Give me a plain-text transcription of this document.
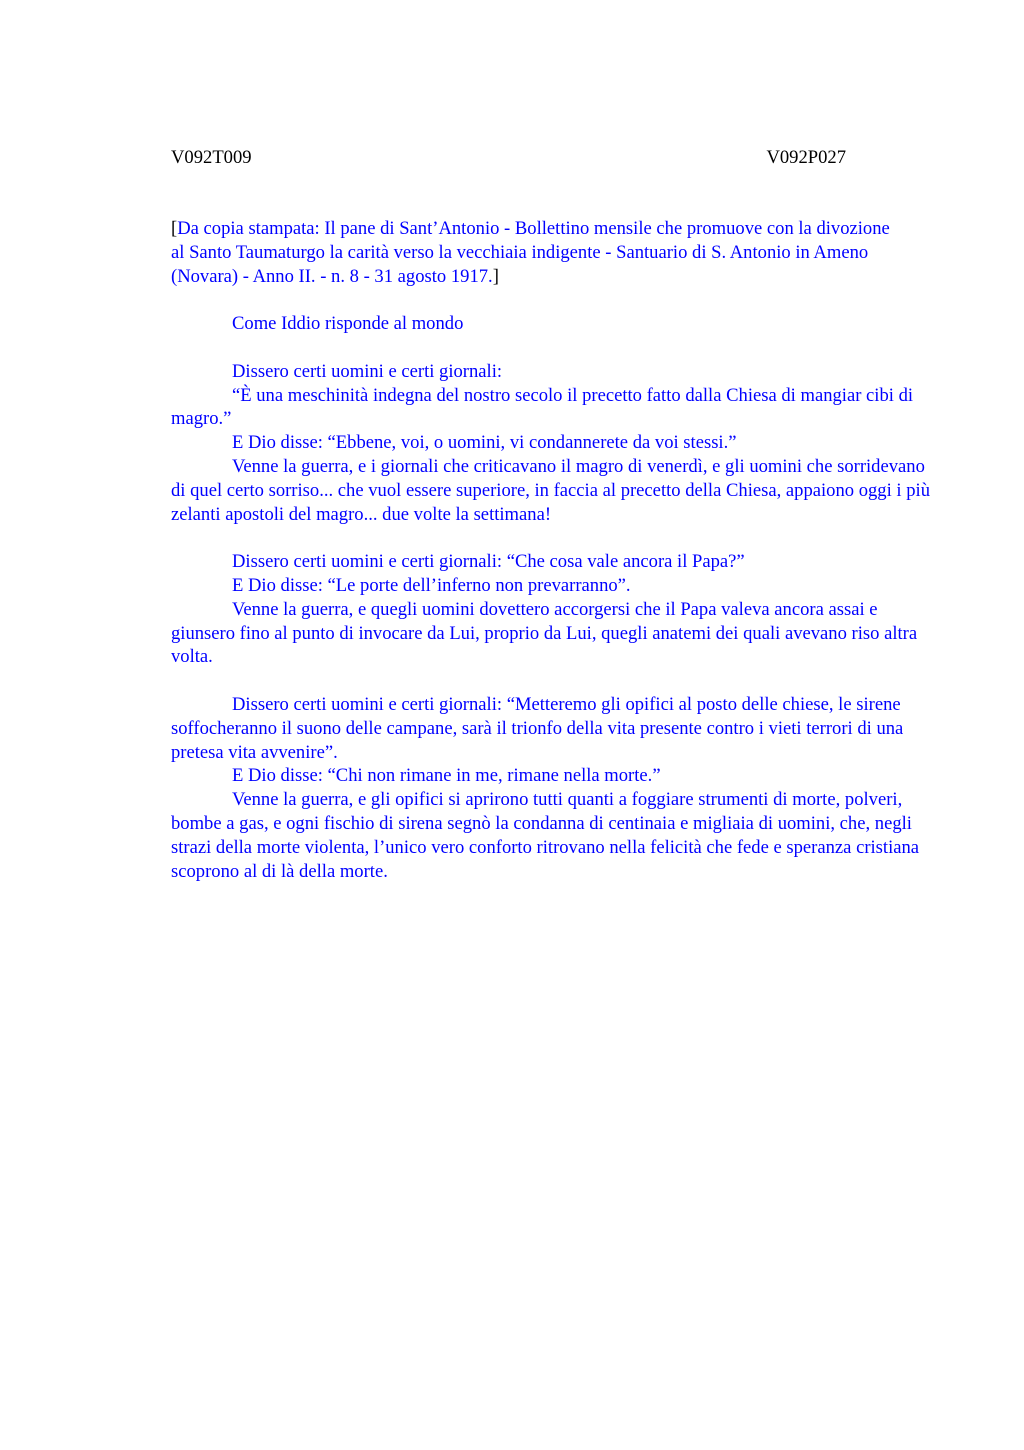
V092T009	V092P027

[Da copia stampata: Il pane di Sant’Antonio - Bollettino mensile che promuove con la divozione al Santo Taumaturgo la carità verso la vecchiaia indigente - Santuario di S. Antonio in Ameno (Novara) - Anno II. - n. 8 - 31 agosto 1917.]

Come Iddio risponde al mondo

Dissero certi uomini e certi giornali:

“È una meschinità indegna del nostro secolo il precetto fatto dalla Chiesa di mangiar cibi di magro.”

E Dio disse: “Ebbene, voi, o uomini, vi condannerete da voi stessi.”

Venne la guerra, e i giornali che criticavano il magro di venerdì, e gli uomini che sorridevano di quel certo sorriso... che vuol essere superiore, in faccia al precetto della Chiesa, appaiono oggi i più zelanti apostoli del magro... due volte la settimana!

Dissero certi uomini e certi giornali: “Che cosa vale ancora il Papa?”

E Dio disse: “Le porte dell’inferno non prevarranno”.

Venne la guerra, e quegli uomini dovettero accorgersi che il Papa valeva ancora assai e giunsero fino al punto di invocare da Lui, proprio da Lui, quegli anatemi dei quali avevano riso altra volta.

Dissero certi uomini e certi giornali: “Metteremo gli opifici al posto delle chiese, le sirene soffocheranno il suono delle campane, sarà il trionfo della vita presente contro i vieti terrori di una pretesa vita avvenire”.

E Dio disse: “Chi non rimane in me, rimane nella morte.”

Venne la guerra, e gli opifici si aprirono tutti quanti a foggiare strumenti di morte, polveri, bombe a gas, e ogni fischio di sirena segnò la condanna di centinaia e migliaia di uomini, che, negli strazi della morte violenta, l’unico vero conforto ritrovano nella felicità che fede e speranza cristiana scoprono al di là della morte.
